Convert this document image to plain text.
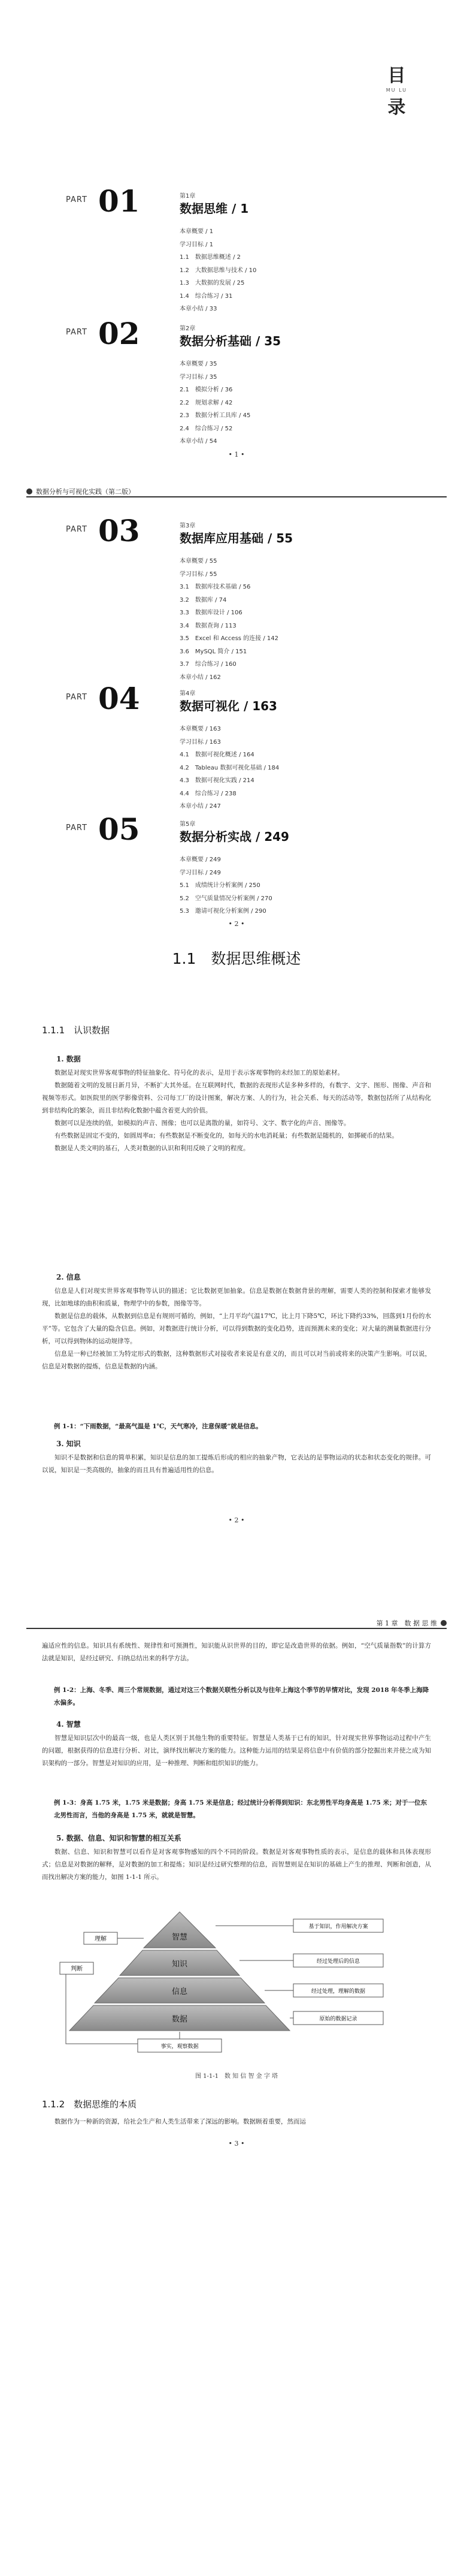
目
MU LU
录
PART 01	第1章
数据思维 / 1
本章概要 / 1
学习目标 / 1
1.1　数据思维概述 / 2
1.2　大数据思维与技术 / 10
1.3　大数据的发展 / 25
1.4　综合练习 / 31
本章小结 / 33
PART 02	第2章
数据分析基础 / 35
本章概要 / 35
学习目标 / 35
2.1　模拟分析 / 36
2.2　规划求解 / 42
2.3　数据分析工具库 / 45
2.4　综合练习 / 52
本章小结 / 54
• 1 •
数据分析与可视化实践（第二版）
PART 03	第3章
数据库应用基础 / 55
本章概要 / 55
学习目标 / 55
3.1　数据库技术基础 / 56
3.2　数据库 / 74
3.3　数据库设计 / 106
3.4　数据查询 / 113
3.5　Excel 和 Access 的连接 / 142
3.6　MySQL 简介 / 151
3.7　综合练习 / 160
本章小结 / 162
PART 04	第4章
数据可视化 / 163
本章概要 / 163
学习目标 / 163
4.1　数据可视化概述 / 164
4.2　Tableau 数据可视化基础 / 184
4.3　数据可视化实践 / 214
4.4　综合练习 / 238
本章小结 / 247
PART 05	第5章
数据分析实战 / 249
本章概要 / 249
学习目标 / 249
5.1　成绩统计分析案例 / 250
5.2　空气质量情况分析案例 / 270
5.3　邀请可视化分析案例 / 290
• 2 •
1.1　数据思维概述
1.1.1　认识数据
1. 数据

数据是对现实世界客观事物的特征抽象化、符号化的表示，是用于表示客观事物的未经加工的原始素材。

数据随着文明的发展日新月异，不断扩大其外延。在互联网时代，数据的表现形式是多种多样的，有数字、文字、图形、图像、声音和视频等形式。如医院里的医学影像资料、公司每工厂的设计图案，解决方案、人的行为，社会关系、每天的活动等，数据包括所了从结构化到非结构化的繁杂，而且非结构化数据中蕴含着更大的价值。

数据可以是连续的值，如模拟的声音、图像；也可以是离散的量，如符号、文字、数字化的声音、图像等。

有些数据是固定不变的，如圆周率π；有些数据是不断变化的，如每天的水电消耗量；有些数据是随机的，如掷硬币的结果。

数据是人类文明的基石，人类对数据的认识和利用反映了文明的程度。

2. 信息

信息是人们对现实世界客观事物等认识的描述；它比数据更加抽象。信息是数据在数据背景的理解，需要人类的控制和探索才能够发现，比如地球的曲积和质量，物理学中的参数，图像等等。

数据是信息的载体，从数据到信息是有规则可循的，例如，“上月平均气温17℃，比上月下降5℃，环比下降约33%，回落到1月份的水平”等。它包含了大量的隐含信息。例如，对数据进行统计分析，可以得到数据的变化趋势，进而预测未来的变化；对大量的测量数据进行分析，可以得到物体的运动规律等。

信息是一种已经被加工为特定形式的数据，这种数据形式对接收者来说是有意义的，而且可以对当前或将来的决策产生影响。可以说，信息是对数据的提炼，信息是数据的内涵。

例 1-1：“下雨数据，“最高气温是 1℃，天气寒冷，注意保暖”就是信息。
3. 知识

知识不是数据和信息的简单积累，知识是信息的加工提炼后形成的相应的抽象产物，它表达的是事物运动的状态和状态变化的规律。可以说，知识是一类高级的，抽象的而且具有普遍适用性的信息。

• 2 •
第 1 章　数 据 思 维

遍适应性的信息。知识具有系统性、规律性和可预测性，知识能从识世界的目的，即它是改造世界的依据。例如，“空气质量指数”的计算方法就是知识，是经过研究、归纳总结出来的科学方法。

例 1-2：上海、冬季、周三个常规数据，通过对这三个数据关联性分析以及与往年上海这个季节的早情对比，发现 2018 年冬季上海降水偏多。
4. 智慧

智慧是知识层次中的最高一级，也是人类区别于其他生物的重要特征。智慧是人类基于已有的知识，针对现实世界事物运动过程中产生的问题，根据获得的信息进行分析、对比，演绎找出解决方案的能力。这种能力运用的结果是将信息中有价值的部分挖掘出来并使之成为知识架构的一部分。智慧是对知识的应用，是一种推理、判断和组织知识的能力。

例 1-3：身高 1.75 米，1.75 米是数据；身高 1.75 米是信息；经过统计分析得到知识：东北男性平均身高是 1.75 米；对于一位东北男性而言，当他的身高是 1.75 米，就就是智慧。
5. 数据、信息、知识和智慧的相互关系

数据、信息、知识和智慧可以看作是对客观事物感知的四个不同的阶段。数据是对客观事物性质的表示，是信息的载体和具体表现形式；信息是对数据的解释，是对数据的加工和提炼；知识是经过研究整理的信息，而智慧则是在知识的基础上产生的推理、判断和创造，从而找出解决方案的能力，如图 1-1-1 所示。

智慧
知识
信息
数据
理解
判断
事实，观察数据
基于知识，作用解决方案
经过处理后的信息
经过处理，理解的数据
原始的数据记录
图 1-1-1　数 知 信 智 金 字 塔
1.1.2　数据思维的本质

数据作为一种新的资源，给社会生产和人类生活带来了深远的影响。数据顾着重要，然而运

• 3 •
